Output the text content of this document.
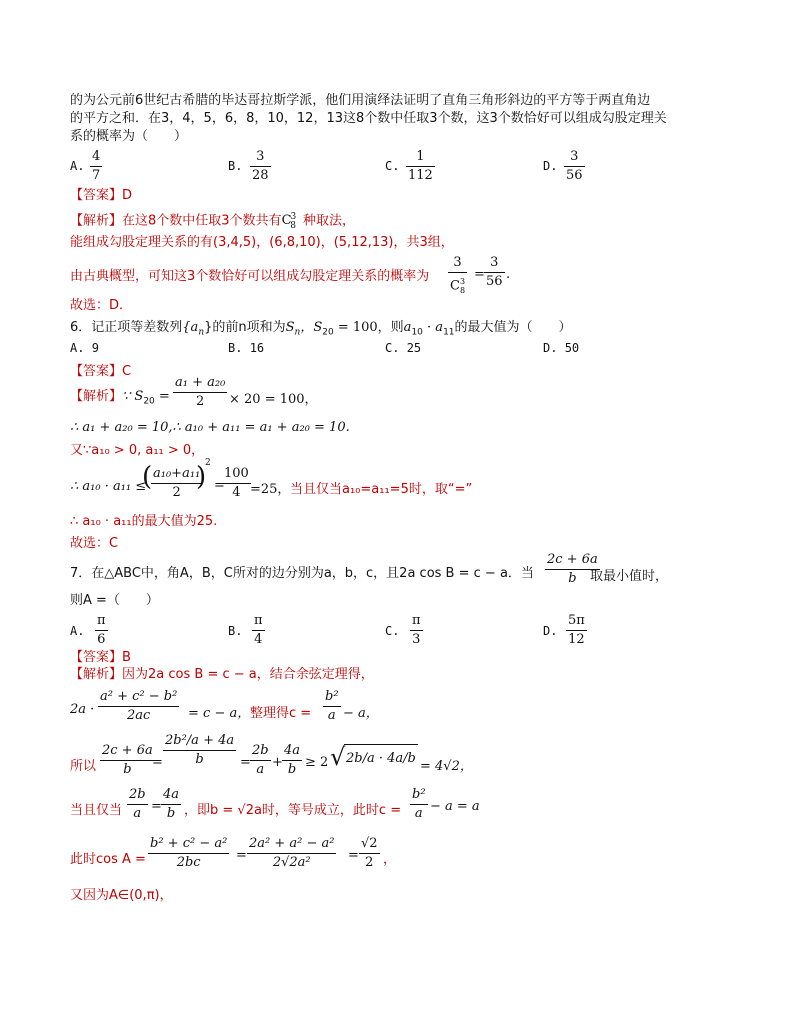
的为公元前6世纪古希腊的毕达哥拉斯学派，他们用演绎法证明了直角三角形斜边的平方等于两直角边
的平方之和．在3，4，5，6，8，10，12，13这8个数中任取3个数，这3个数恰好可以组成勾股定理关
系的概率为（　　）
A.
4
7
B.
3
28
C.
1
112
D.
3
56
【答案】D
【解析】在这8个数中任取3个数共有$C^3_8$ 种取法，
能组成勾股定理关系的有(3,4,5)，(6,8,10)，(5,12,13)，共3组，
由古典概型，可知这3个数恰好可以组成勾股定理关系的概率为
3
$C^3_8$
=
3
56 .
故选：D．
6．记正项等差数列$\{a_n\}$的前n项和为$S_n$，$S_{20} = 100$，则$a_{10} \cdot a_{11}$的最大值为（　　）
A. 9	B. 16	C. 25	D. 50
【答案】C
【解析】∵ $S_{20}$ =
a₁ + a₂₀
2 × 20 = 100，
∴ a₁ + a₂₀ = 10,∴ a₁₀ + a₁₁ = a₁ + a₂₀ = 10.
又∵a₁₀ > 0, a₁₁ > 0，
∴ a₁₀ · a₁₁ ≤
( a₁₀+a₁₁
2
)
2
=
100
4 =25， 当且仅当a₁₀=a₁₁=5时，取“=”
∴ a₁₀ · a₁₁的最大值为25.
故选：C
7．在△ABC中，角A，B，C所对的边分别为a，b，c，且2a cos B = c − a．当
2c + 6a
b 取最小值时，
则A =（　　）
A.
π
6
B.
π
4
C.
π
3
D.
5π
12
【答案】B
【解析】因为2a cos B = c − a，结合余弦定理得，
2a ·
a² + c² − b²
2ac	= c − a， 整理得c =
b²
a − a，
所以
2c + 6a
b =
2b²/a + 4a
b	=
2b
a +
4a
b ≥ 2 √ 2b/a · 4a/b
= 4√2，
当且仅当
2b
a =
4a
b ，即b = √2a时，等号成立，此时c =
b²
a − a = a
此时cos A =
b² + c² − a²
2bc	=
2a² + a² − a²
2√2a²	=
√2
2 ，
又因为A∈(0,π)，
